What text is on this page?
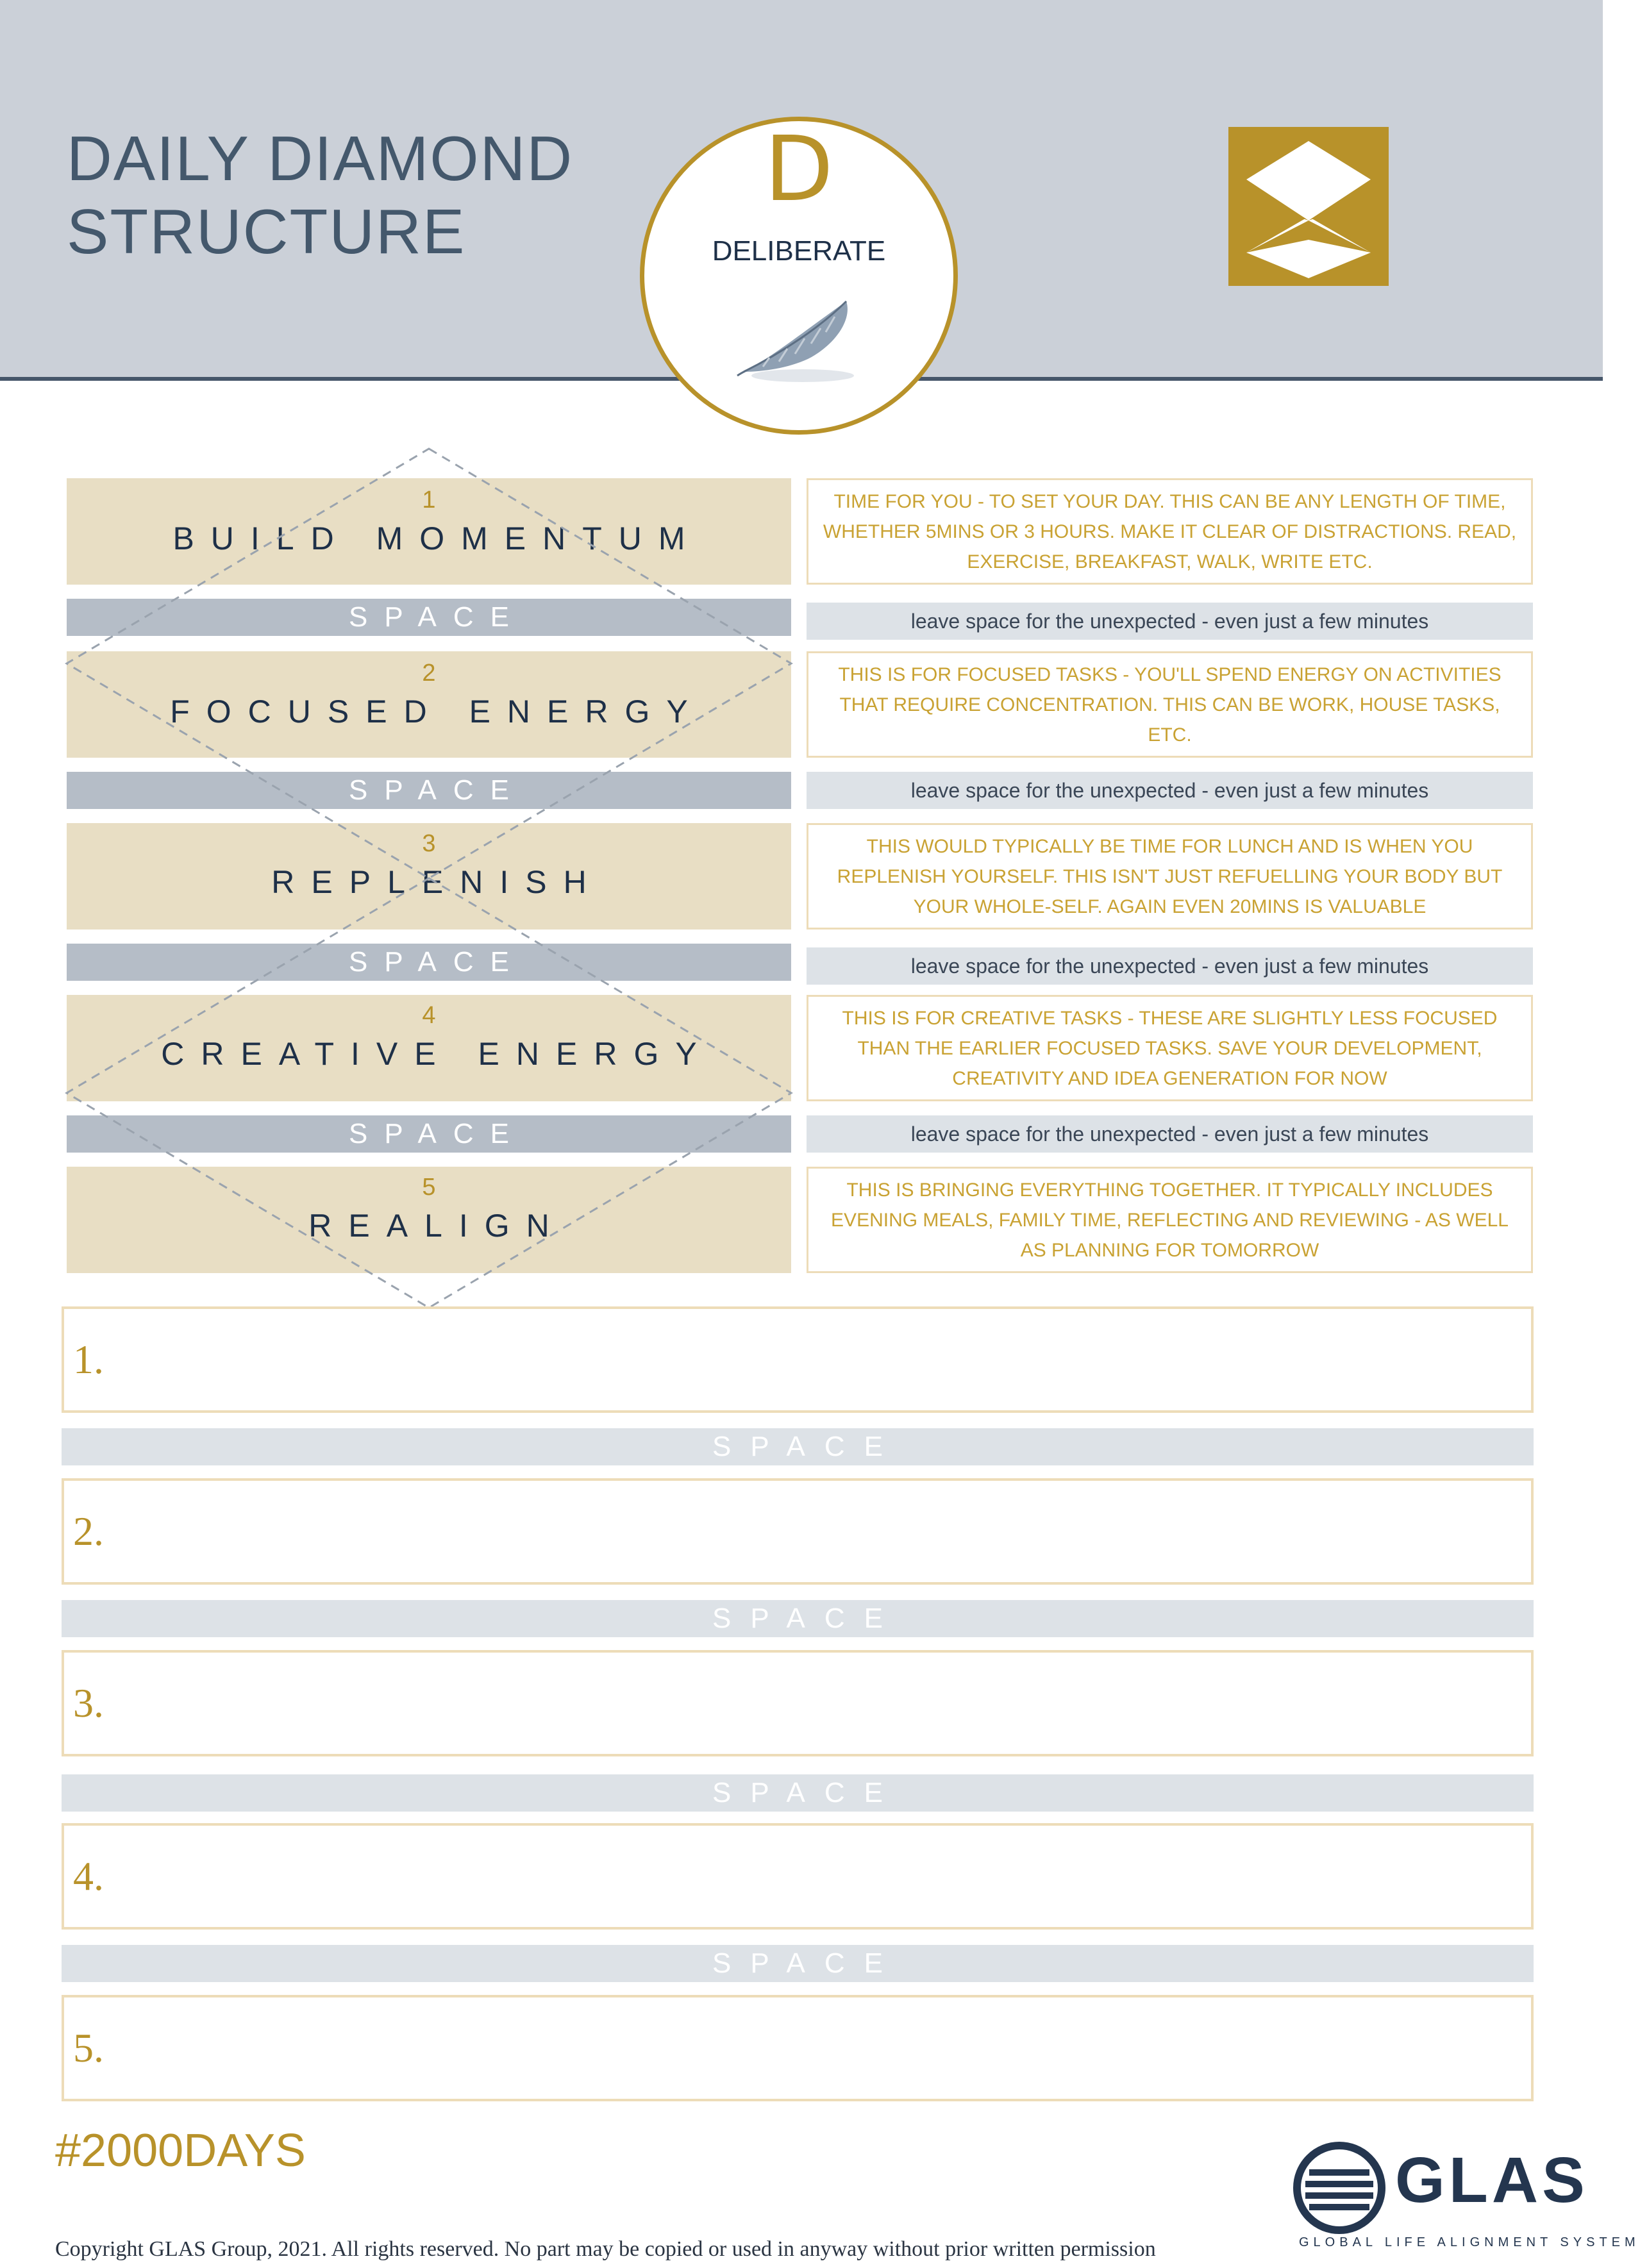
DAILY DIAMOND
STRUCTURE
D
DELIBERATE
1
BUILD MOMENTUM
TIME FOR YOU - TO SET YOUR DAY. THIS CAN BE ANY LENGTH OF TIME, WHETHER 5MINS OR 3 HOURS. MAKE IT CLEAR OF DISTRACTIONS. READ, EXERCISE, BREAKFAST, WALK, WRITE ETC.
SPACE	leave space for the unexpected - even just a few minutes
2
FOCUSED ENERGY
THIS IS FOR FOCUSED TASKS - YOU'LL SPEND ENERGY ON ACTIVITIES THAT REQUIRE CONCENTRATION. THIS CAN BE WORK, HOUSE TASKS, ETC.
SPACE	leave space for the unexpected - even just a few minutes
3
REPLENISH
THIS WOULD TYPICALLY BE TIME FOR LUNCH AND IS WHEN YOU REPLENISH YOURSELF. THIS ISN'T JUST REFUELLING YOUR BODY BUT YOUR WHOLE-SELF. AGAIN EVEN 20MINS IS VALUABLE
SPACE	leave space for the unexpected - even just a few minutes
4
CREATIVE ENERGY
THIS IS FOR CREATIVE TASKS - THESE ARE SLIGHTLY LESS FOCUSED THAN THE EARLIER FOCUSED TASKS. SAVE YOUR DEVELOPMENT, CREATIVITY AND IDEA GENERATION FOR NOW
SPACE	leave space for the unexpected - even just a few minutes
5
REALIGN
THIS IS BRINGING EVERYTHING TOGETHER. IT TYPICALLY INCLUDES EVENING MEALS, FAMILY TIME, REFLECTING AND REVIEWING - AS WELL AS PLANNING FOR TOMORROW
1.
SPACE
2.
SPACE
3.
SPACE
4.
SPACE
5.
#2000DAYS	GLAS
GLOBAL LIFE ALIGNMENT SYSTEM
Copyright GLAS Group, 2021. All rights reserved. No part may be copied or used in anyway without prior written permission
